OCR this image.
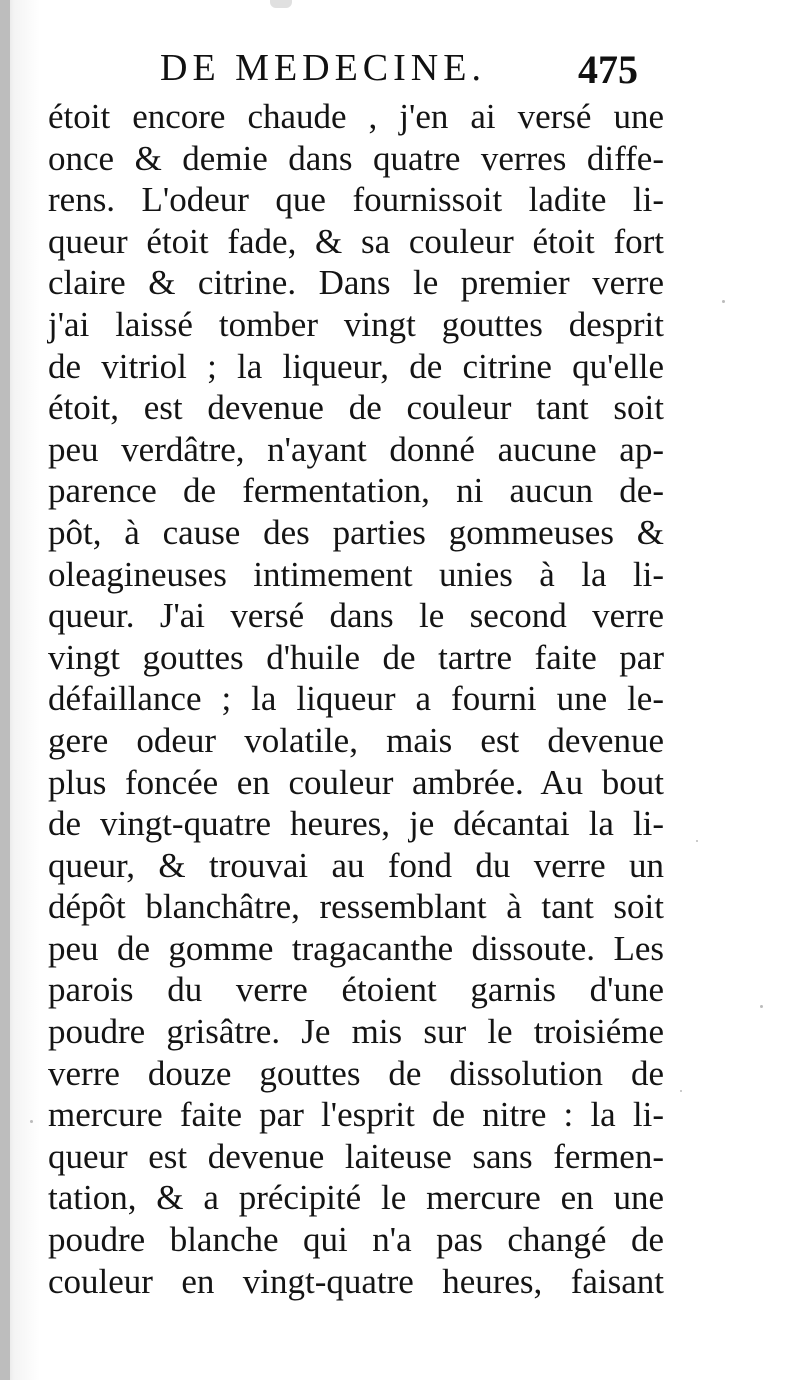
DE MEDECINE. 475
étoit encore chaude , j'en ai versé une
once & demie dans quatre verres diffe-
rens. L'odeur que fournissoit ladite li-
queur étoit fade, & sa couleur étoit fort
claire & citrine. Dans le premier verre
j'ai laissé tomber vingt gouttes desprit
de vitriol ; la liqueur, de citrine qu'elle
étoit, est devenue de couleur tant soit
peu verdâtre, n'ayant donné aucune ap-
parence de fermentation, ni aucun de-
pôt, à cause des parties gommeuses &
oleagineuses intimement unies à la li-
queur. J'ai versé dans le second verre
vingt gouttes d'huile de tartre faite par
défaillance ; la liqueur a fourni une le-
gere odeur volatile, mais est devenue
plus foncée en couleur ambrée. Au bout
de vingt-quatre heures, je décantai la li-
queur, & trouvai au fond du verre un
dépôt blanchâtre, ressemblant à tant soit
peu de gomme tragacanthe dissoute. Les
parois du verre étoient garnis d'une
poudre grisâtre. Je mis sur le troisiéme
verre douze gouttes de dissolution de
mercure faite par l'esprit de nitre : la li-
queur est devenue laiteuse sans fermen-
tation, & a précipité le mercure en une
poudre blanche qui n'a pas changé de
couleur en vingt-quatre heures, faisant
